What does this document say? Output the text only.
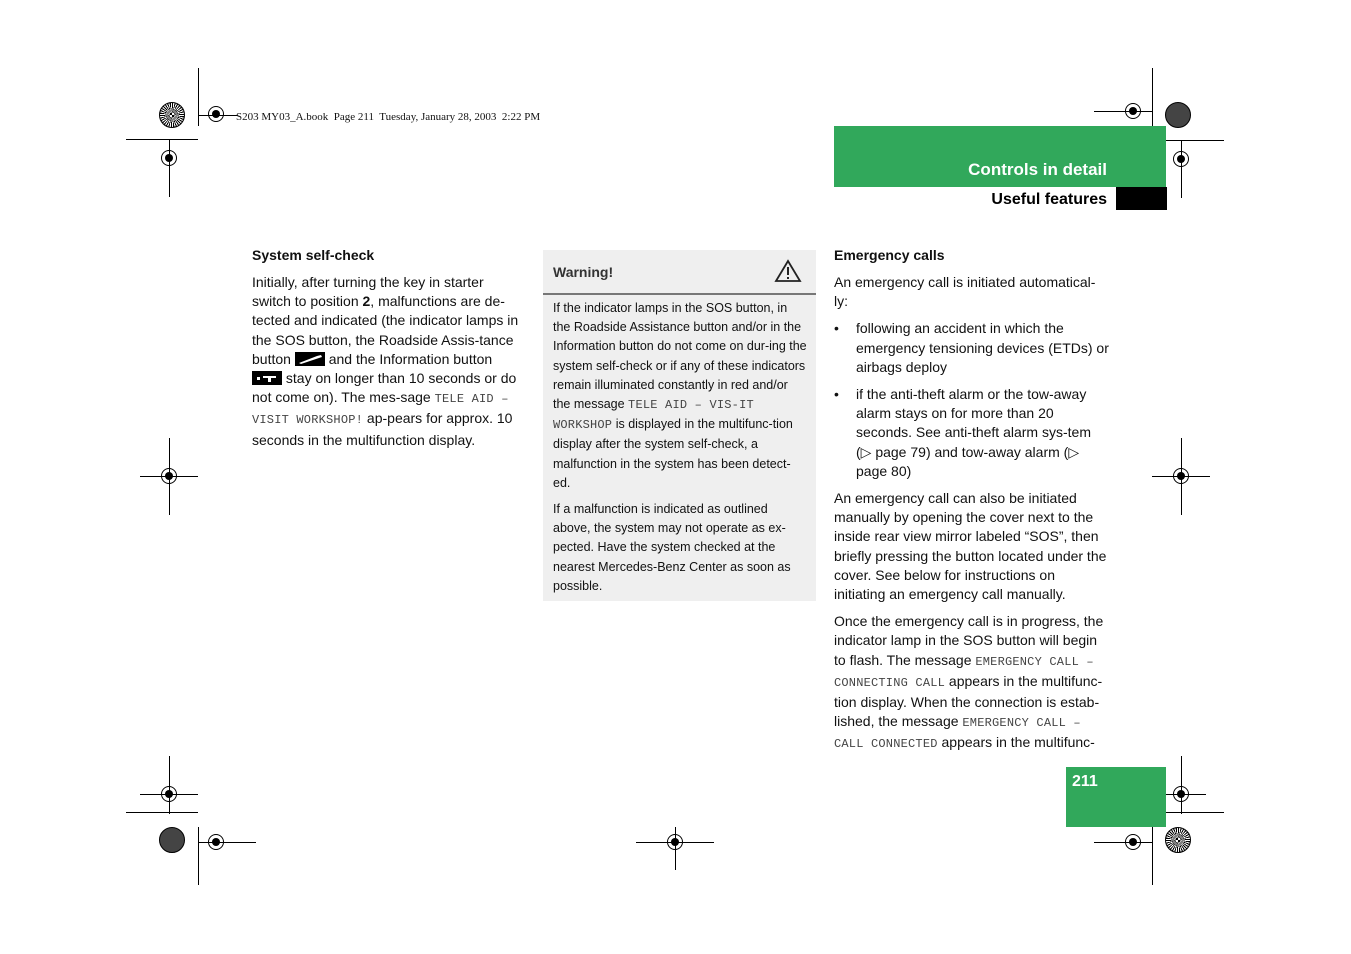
S203 MY03_A.book  Page 211  Tuesday, January 28, 2003  2:22 PM
Controls in detail
Useful features
System self-check

Initially, after turning the key in starter switch to position 2, malfunctions are de-tected and indicated (the indicator lamps in the SOS button, the Roadside Assis-tance button  and the Information button  stay on longer than 10 seconds or do not come on). The mes-sage TELE AID – VISIT WORKSHOP! ap-pears for approx. 10 seconds in the multifunction display.

Warning!

If the indicator lamps in the SOS button, in the Roadside Assistance button and/or in the Information button do not come on dur-ing the system self-check or if any of these indicators remain illuminated constantly in red and/or the message TELE AID – VIS-IT WORKSHOP is displayed in the multifunc-tion display after the system self-check, a malfunction in the system has been detect-ed.

If a malfunction is indicated as outlined above, the system may not operate as ex-pected. Have the system checked at the nearest Mercedes-Benz Center as soon as possible.

Emergency calls

An emergency call is initiated automatical-ly:

• following an accident in which the emergency tensioning devices (ETDs) or airbags deploy
• if the anti-theft alarm or the tow-away alarm stays on for more than 20 seconds. See anti-theft alarm sys-tem (▷ page 79) and tow-away alarm (▷ page 80)

An emergency call can also be initiated manually by opening the cover next to the inside rear view mirror labeled “SOS”, then briefly pressing the button located under the cover. See below for instructions on initiating an emergency call manually.

Once the emergency call is in progress, the indicator lamp in the SOS button will begin to flash. The message EMERGENCY CALL – CONNECTING CALL appears in the multifunc-tion display. When the connection is estab-lished, the message EMERGENCY CALL – CALL CONNECTED appears in the multifunc-

211
